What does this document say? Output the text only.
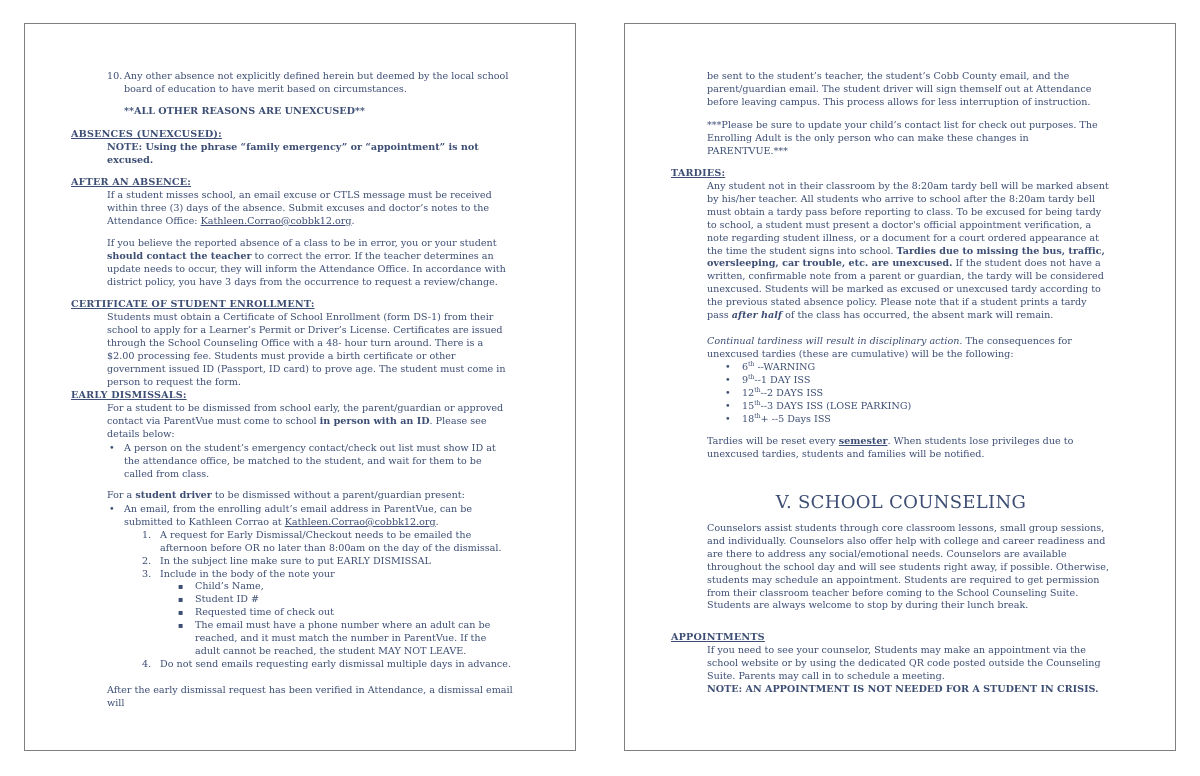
10. Any other absence not explicitly defined herein but deemed by the local school board of education to have merit based on circumstances.

**ALL OTHER REASONS ARE UNEXCUSED**

ABSENCES (UNEXCUSED):

NOTE: Using the phrase “family emergency” or “appointment” is not excused.

AFTER AN ABSENCE:

If a student misses school, an email excuse or CTLS message must be received within three (3) days of the absence. Submit excuses and doctor’s notes to the Attendance Office: Kathleen.Corrao@cobbk12.org.

If you believe the reported absence of a class to be in error, you or your student should contact the teacher to correct the error. If the teacher determines an update needs to occur, they will inform the Attendance Office. In accordance with district policy, you have 3 days from the occurrence to request a review/change.

CERTIFICATE OF STUDENT ENROLLMENT:

Students must obtain a Certificate of School Enrollment (form DS-1) from their school to apply for a Learner’s Permit or Driver’s License. Certificates are issued through the School Counseling Office with a 48- hour turn around. There is a $2.00 processing fee. Students must provide a birth certificate or other government issued ID (Passport, ID card) to prove age. The student must come in person to request the form.

EARLY DISMISSALS:

For a student to be dismissed from school early, the parent/guardian or approved contact via ParentVue must come to school in person with an ID. Please see details below:

• A person on the student’s emergency contact/check out list must show ID at the attendance office, be matched to the student, and wait for them to be called from class.

For a student driver to be dismissed without a parent/guardian present:

• An email, from the enrolling adult’s email address in ParentVue, can be submitted to Kathleen Corrao at Kathleen.Corrao@cobbk12.org.

1. A request for Early Dismissal/Checkout needs to be emailed the afternoon before OR no later than 8:00am on the day of the dismissal.

2. In the subject line make sure to put EARLY DISMISSAL

3. Include in the body of the note your

▪ Child’s Name,

▪ Student ID #

▪ Requested time of check out

▪ The email must have a phone number where an adult can be reached, and it must match the number in ParentVue. If the adult cannot be reached, the student MAY NOT LEAVE.

4. Do not send emails requesting early dismissal multiple days in advance.

After the early dismissal request has been verified in Attendance, a dismissal email will

be sent to the student’s teacher, the student’s Cobb County email, and the parent/guardian email. The student driver will sign themself out at Attendance before leaving campus. This process allows for less interruption of instruction.

***Please be sure to update your child’s contact list for check out purposes. The Enrolling Adult is the only person who can make these changes in PARENTVUE.***

TARDIES:

Any student not in their classroom by the 8:20am tardy bell will be marked absent by his/her teacher. All students who arrive to school after the 8:20am tardy bell must obtain a tardy pass before reporting to class. To be excused for being tardy to school, a student must present a doctor's official appointment verification, a note regarding student illness, or a document for a court ordered appearance at the time the student signs into school. Tardies due to missing the bus, traffic, oversleeping, car trouble, etc. are unexcused. If the student does not have a written, confirmable note from a parent or guardian, the tardy will be considered unexcused. Students will be marked as excused or unexcused tardy according to the previous stated absence policy. Please note that if a student prints a tardy pass after half of the class has occurred, the absent mark will remain.

Continual tardiness will result in disciplinary action. The consequences for unexcused tardies (these are cumulative) will be the following:

• 6th --WARNING

• 9th--1 DAY ISS

• 12th--2 DAYS ISS

• 15th--3 DAYS ISS (LOSE PARKING)

• 18th+ --5 Days ISS

Tardies will be reset every semester. When students lose privileges due to unexcused tardies, students and families will be notified.

V. SCHOOL COUNSELING

Counselors assist students through core classroom lessons, small group sessions, and individually. Counselors also offer help with college and career readiness and are there to address any social/emotional needs. Counselors are available throughout the school day and will see students right away, if possible. Otherwise, students may schedule an appointment. Students are required to get permission from their classroom teacher before coming to the School Counseling Suite. Students are always welcome to stop by during their lunch break.

APPOINTMENTS

If you need to see your counselor, Students may make an appointment via the school website or by using the dedicated QR code posted outside the Counseling Suite. Parents may call in to schedule a meeting.

NOTE: AN APPOINTMENT IS NOT NEEDED FOR A STUDENT IN CRISIS.
